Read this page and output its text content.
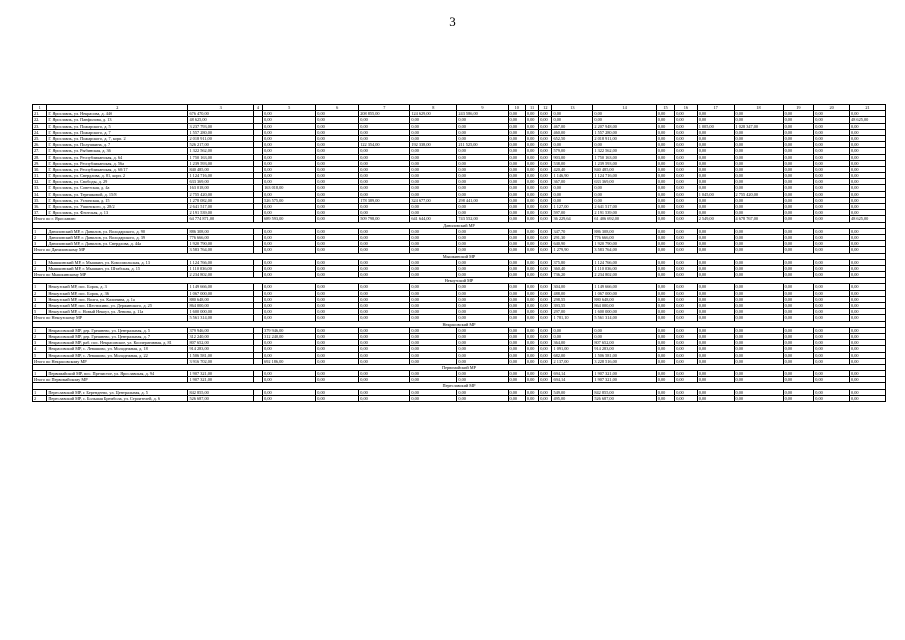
3
1	2	3	4	5	6	7	8	9	10	11	12	13	14	15	16	17	18	19	20	21
21.	Г. Ярославль, ул. Некрасова, д. 44б	676 470,00		0,00	0,00	208 855,00	124 629,00	243 586,00	0,00	0,00	0,00	0,00	0,00	0,00	0,00	0,00	0,00	0,00	0,00	0,00
22.	Г. Ярославль, ул. Панфилова, д. 13	48 625,00		0,00	0,00	0,00	0,00	0,00	0,00	0,00	0,00	0,00	0,00	0,00	0,00	0,00	0,00	0,00	0,00	48 625,00
23.	Г. Ярославль, ул. Пожарского, д. 5	3 237 793,00		0,00	0,00	0,00	0,00	0,00	0,00	0,00	0,00	467,00	2 207 948,00	0,00	0,00	1 005,00	1 028 347,00	0,00	0,00	0,00
24.	Г. Ярославль, ул. Пожарского, д. 7	1 557 280,00		0,00	0,00	0,00	0,00	0,00	0,00	0,00	0,00	460,00	1 557 280,00	0,00	0,00	0,00	0,00	0,00	0,00	0,00
25.	Г. Ярославль, ул. Пожарского, д. 7, корп. 2	2 018 911,00		0,00	0,00	0,00	0,00	0,00	0,00	0,00	0,00	652,50	2 018 911,00	0,00	0,00	0,00	0,00	0,00	0,00	0,00
26.	Г. Ярославль, ул. Полушкина, д. 7	526 217,00		0,00	0,00	122 354,00	192 338,00	211 525,00	0,00	0,00	0,00	0,00	0,00	0,00	0,00	0,00	0,00	0,00	0,00	0,00
27.	Г. Ярославль, ул. Рыбинская, д. 36	1 322 562,00		0,00	0,00	0,00	0,00	0,00	0,00	0,00	0,00	579,00	1 322 562,00	0,00	0,00	0,00	0,00	0,00	0,00	0,00
28.	Г. Ярославль, ул. Республиканская, д. 64	1 750 163,00		0,00	0,00	0,00	0,00	0,00	0,00	0,00	0,00	903,00	1 750 163,00	0,00	0,00	0,00	0,00	0,00	0,00	0,00
29.	Г. Ярославль, ул. Республиканская, д. 56а	1 239 593,00		0,00	0,00	0,00	0,00	0,00	0,00	0,00	0,00	538,00	1 239 593,00	0,00	0,00	0,00	0,00	0,00	0,00	0,00
30.	Г. Ярославль, ул. Республиканская, д. 60/17	840 485,00		0,00	0,00	0,00	0,00	0,00	0,00	0,00	0,00	420,40	840 485,00	0,00	0,00	0,00	0,00	0,00	0,00	0,00
31.	Г. Ярославль, ул. Свердлова, д. 81, корп. 2	1 124 716,00		0,00	0,00	0,00	0,00	0,00	0,00	0,00	0,00	1 146,90	1 124 716,00	0,00	0,00	0,00	0,00	0,00	0,00	0,00
32.	Г. Ярославль, ул. Свободы, д. 29	633 369,00		0,00	0,00	0,00	0,00	0,00	0,00	0,00	0,00	367,00	633 369,00	0,00	0,00	0,00	0,00	0,00	0,00	0,00
33.	Г. Ярославль, ул. Советская, д. 4а	163 018,00		163 018,00	0,00	0,00	0,00	0,00	0,00	0,00	0,00	0,00	0,00	0,00	0,00	0,00	0,00	0,00	0,00	0,00
34.	Г. Ярославль, ул. Терешковой, д. 15/8	2 755 420,00		0,00	0,00	0,00	0,00	0,00	0,00	0,00	0,00	0,00	0,00	0,00	0,00	1 045,00	2 755 420,00	0,00	0,00	0,00
35.	Г. Ярославль, ул. Угличская, д. 15	1 278 082,00		526 575,00	0,00	178 389,00	324 677,00	298 441,00	0,00	0,00	0,00	0,00	0,00	0,00	0,00	0,00	0,00	0,00	0,00	0,00
36.	Г. Ярославль, ул. Ушинского, д. 28/2	2 641 517,00		0,00	0,00	0,00	0,00	0,00	0,00	0,00	0,00	1 127,00	2 641 517,00	0,00	0,00	0,00	0,00	0,00	0,00	0,00
37.	Г. Ярославль, ул. Флотская, д. 13	2 191 539,00		0,00	0,00	0,00	0,00	0,00	0,00	0,00	0,00	597,00	2 191 539,00	0,00	0,00	0,00	0,00	0,00	0,00	0,00
Итого по г. Ярославлю		64 774 871,00		689 593,00	0,00	509 798,00	641 644,00	743 552,00	0,00	0,00	0,00	36 229,64	61 406 692,00	0,00	0,00	2 549,00	4 678 767,00	0,00	0,00	48 625,00
Даниловский МР																				
1	Даниловский МР, г. Данилов, ул. Володарского, д. 90	886 308,00		0,00	0,00	0,00	0,00	0,00	0,00	0,00	0,00	347,70	886 308,00	0,00	0,00	0,00	0,00	0,00	0,00	0,00
2	Даниловский МР, г. Данилов, ул. Володарского, д. 39	776 666,00		0,00	0,00	0,00	0,00	0,00	0,00	0,00	0,00	291,30	776 666,00	0,00	0,00	0,00	0,00	0,00	0,00	0,00
3	Даниловский МР, г. Данилов, ул. Свердлова, д. 44а	1 920 790,00		0,00	0,00	0,00	0,00	0,00	0,00	0,00	0,00	640,90	1 920 790,00	0,00	0,00	0,00	0,00	0,00	0,00	0,00
Итого по Даниловскому МР		3 583 764,00		0,00	0,00	0,00	0,00	0,00	0,00	0,00	0,00	1 279,90	3 583 764,00	0,00	0,00	0,00	0,00	0,00	0,00	0,00
Мышкинский МР																				
1	Мышкинский МР, г. Мышкин, ул. Комсомольская, д. 13	1 124 766,00		0,00	0,00	0,00	0,00	0,00	0,00	0,00	0,00	375,80	1 124 766,00	0,00	0,00	0,00	0,00	0,00	0,00	0,00
2	Мышкинский МР, г. Мышкин, ул. Штабская, д. 15	1 110 036,00		0,00	0,00	0,00	0,00	0,00	0,00	0,00	0,00	360,40	1 110 036,00	0,00	0,00	0,00	0,00	0,00	0,00	0,00
Итого по Мышкинскому МР		2 234 802,00		0,00	0,00	0,00	0,00	0,00	0,00	0,00	0,00	736,20	2 234 802,00	0,00	0,00	0,00	0,00	0,00	0,00	0,00
Некоузский МР																				
1	Некоузский МР, пос. Борок, д. 3	1 149 666,00		0,00	0,00	0,00	0,00	0,00	0,00	0,00	0,00	304,00	1 149 666,00	0,00	0,00	0,00	0,00	0,00	0,00	0,00
2	Некоузский МР, пос. Борок, д. 36	1 067 000,00		0,00	0,00	0,00	0,00	0,00	0,00	0,00	0,00	488,00	1 067 000,00	0,00	0,00	0,00	0,00	0,00	0,00	0,00
3	Некоузский МР, пос. Волга, ул. Калинина, д. 1а	880 648,00		0,00	0,00	0,00	0,00	0,00	0,00	0,00	0,00	298,55	880 648,00	0,00	0,00	0,00	0,00	0,00	0,00	0,00
4	Некоузский МР, пос. Шестихино, ул. Держинского, д. 25	864 000,00		0,00	0,00	0,00	0,00	0,00	0,00	0,00	0,00	393,55	864 000,00	0,00	0,00	0,00	0,00	0,00	0,00	0,00
5	Некоузский МР, с. Новый Некоуз, ул. Ленина, д. 11а	1 600 000,00		0,00	0,00	0,00	0,00	0,00	0,00	0,00	0,00	297,00	1 600 000,00	0,00	0,00	0,00	0,00	0,00	0,00	0,00
Итого по Некоузскому МР		5 561 314,00		0,00	0,00	0,00	0,00	0,00	0,00	0,00	0,00	1 781,10	5 561 314,00	0,00	0,00	0,00	0,00	0,00	0,00	0,00
Некрасовский МР																				
1	Некрасовский МР, дер. Грешнево, ул. Центральная, д. 5	379 946,00		379 946,00	0,00	0,00	0,00	0,00	0,00	0,00	0,00	0,00	0,00	0,00	0,00	0,00	0,00	0,00	0,00	0,00
2	Некрасовский МР, дер. Грешнево, ул. Центральная, д. 7	312 240,00		312 240,00	0,00	0,00	0,00	0,00	0,00	0,00	0,00	0,00	0,00	0,00	0,00	0,00	0,00	0,00	0,00	0,00
3	Некрасовский МР, раб. пос. Некрасовское, ул. Кооперативная, д. 81	807 652,00		0,00	0,00	0,00	0,00	0,00	0,00	0,00	0,00	364,00	807 652,00	0,00	0,00	0,00	0,00	0,00	0,00	0,00
4	Некрасовский МР, с. Левашово, ул. Молодежная, д. 18	914 283,00		0,00	0,00	0,00	0,00	0,00	0,00	0,00	0,00	1 091,00	914 283,00	0,00	0,00	0,00	0,00	0,00	0,00	0,00
5	Некрасовский МР, с. Левашово, ул. Молодежная, д. 22	1 506 581,00		0,00	0,00	0,00	0,00	0,00	0,00	0,00	0,00	682,00	1 506 581,00	0,00	0,00	0,00	0,00	0,00	0,00	0,00
Итого по Некрасовскому МР		3 916 702,00		692 186,00	0,00	0,00	0,00	0,00	0,00	0,00	0,00	2 137,00	3 228 516,00	0,00	0,00	0,00	0,00	0,00	0,00	0,00
Первомайский МР																				
1	Первомайский МР, пос. Пречистое, ул. Ярославская, д. 94	1 907 321,00		0,00	0,00	0,00	0,00	0,00	0,00	0,00	0,00	694,14	1 907 321,00	0,00	0,00	0,00	0,00	0,00	0,00	0,00
Итого по Первомайскому МР		1 907 321,00		0,00	0,00	0,00	0,00	0,00	0,00	0,00	0,00	694,14	1 907 321,00	0,00	0,00	0,00	0,00	0,00	0,00	0,00
Переславский МР																				
1	Переславский МР, г. Берендеево, ул. Центральная, д. 5	842 855,00		0,00	0,00	0,00	0,00	0,00	0,00	0,00	0,00	549,00	842 855,00	0,00	0,00	0,00	0,00	0,00	0,00	0,00
2	Переславский МР, с. Большая Брембола, ул. Строителей, д. 6	526 687,00		0,00	0,00	0,00	0,00	0,00	0,00	0,00	0,00	495,00	526 687,00	0,00	0,00	0,00	0,00	0,00	0,00	0,00
